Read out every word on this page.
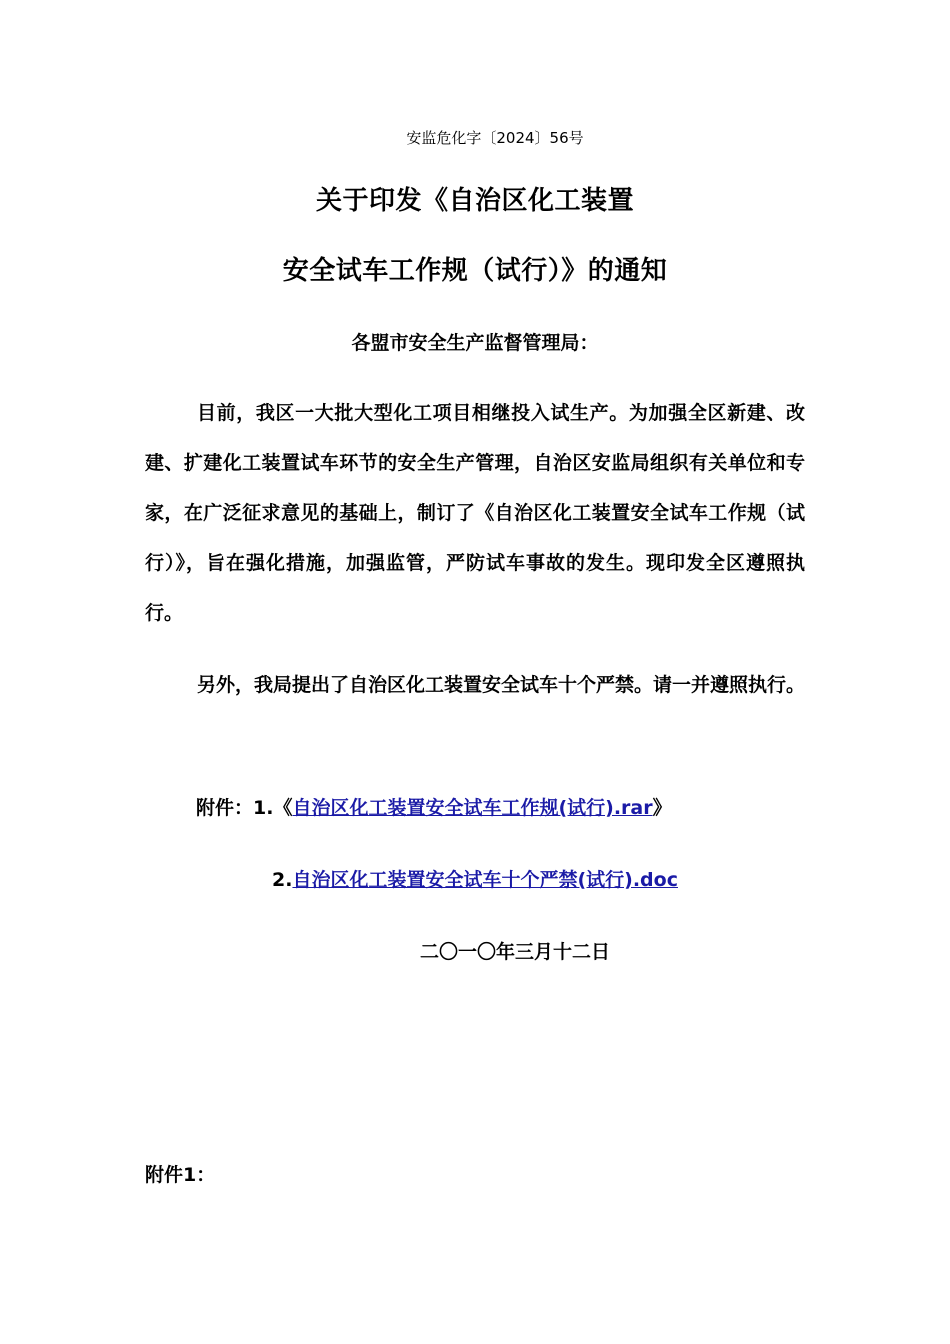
安监危化字〔2024〕56号
关于印发《自治区化工装置
安全试车工作规（试行）》的通知
各盟市安全生产监督管理局：
目前，我区一大批大型化工项目相继投入试生产。为加强全区新建、改建、扩建化工装置试车环节的安全生产管理，自治区安监局组织有关单位和专家，在广泛征求意见的基础上，制订了《自治区化工装置安全试车工作规（试行）》，旨在强化措施，加强监管，严防试车事故的发生。现印发全区遵照执行。
另外，我局提出了自治区化工装置安全试车十个严禁。请一并遵照执行。
附件：1.《自治区化工装置安全试车工作规(试行).rar》
2.自治区化工装置安全试车十个严禁(试行).doc
二〇一〇年三月十二日
附件1：
